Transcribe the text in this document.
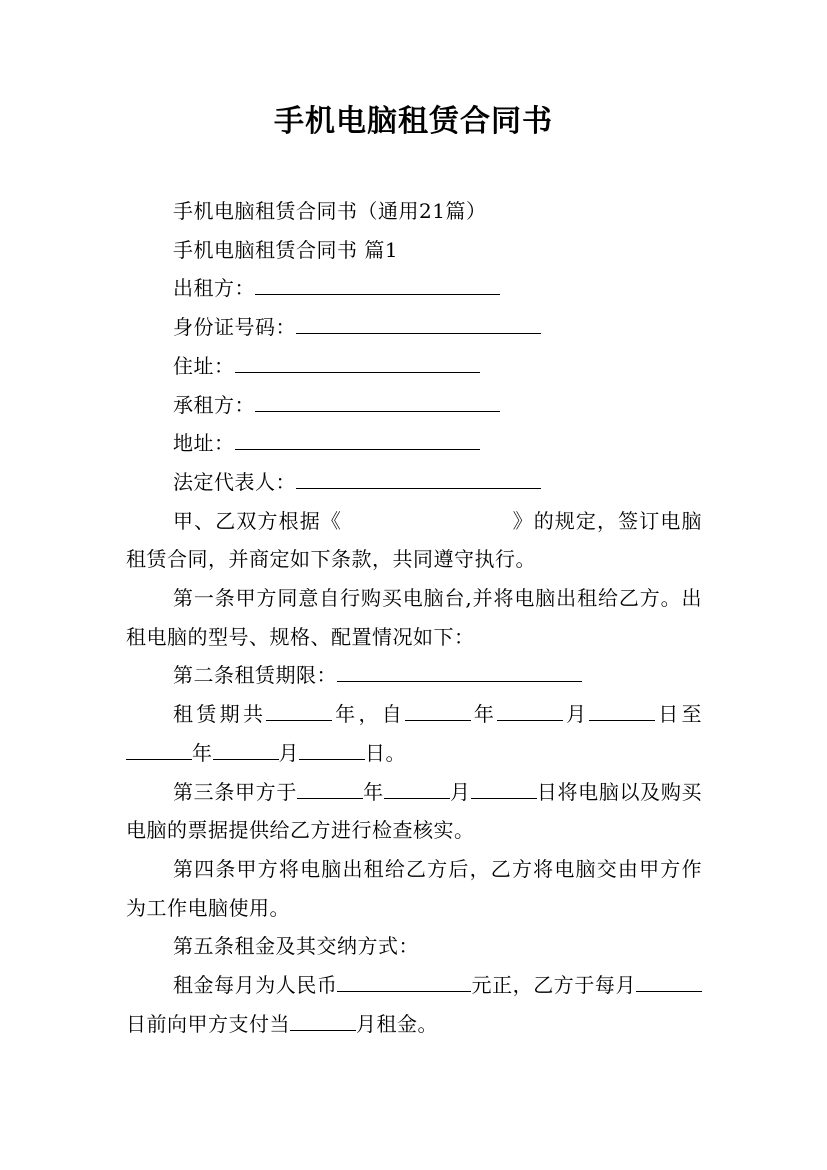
手机电脑租赁合同书

手机电脑租赁合同书（通用21篇）

手机电脑租赁合同书 篇1

出租方：

身份证号码：

住址：

承租方：

地址：

法定代表人：

甲、乙双方根据《	》的规定，签订电脑租赁合同，并商定如下条款，共同遵守执行。

第一条甲方同意自行购买电脑台,并将电脑出租给乙方。出租电脑的型号、规格、配置情况如下：

第二条租赁期限：

租赁期共	年，自	年	月	日至年	月	日。

第三条甲方于	年	月	日将电脑以及购买电脑的票据提供给乙方进行检查核实。

第四条甲方将电脑出租给乙方后，乙方将电脑交由甲方作为工作电脑使用。

第五条租金及其交纳方式：

租金每月为人民币	元正，乙方于每月日前向甲方支付当	月租金。
